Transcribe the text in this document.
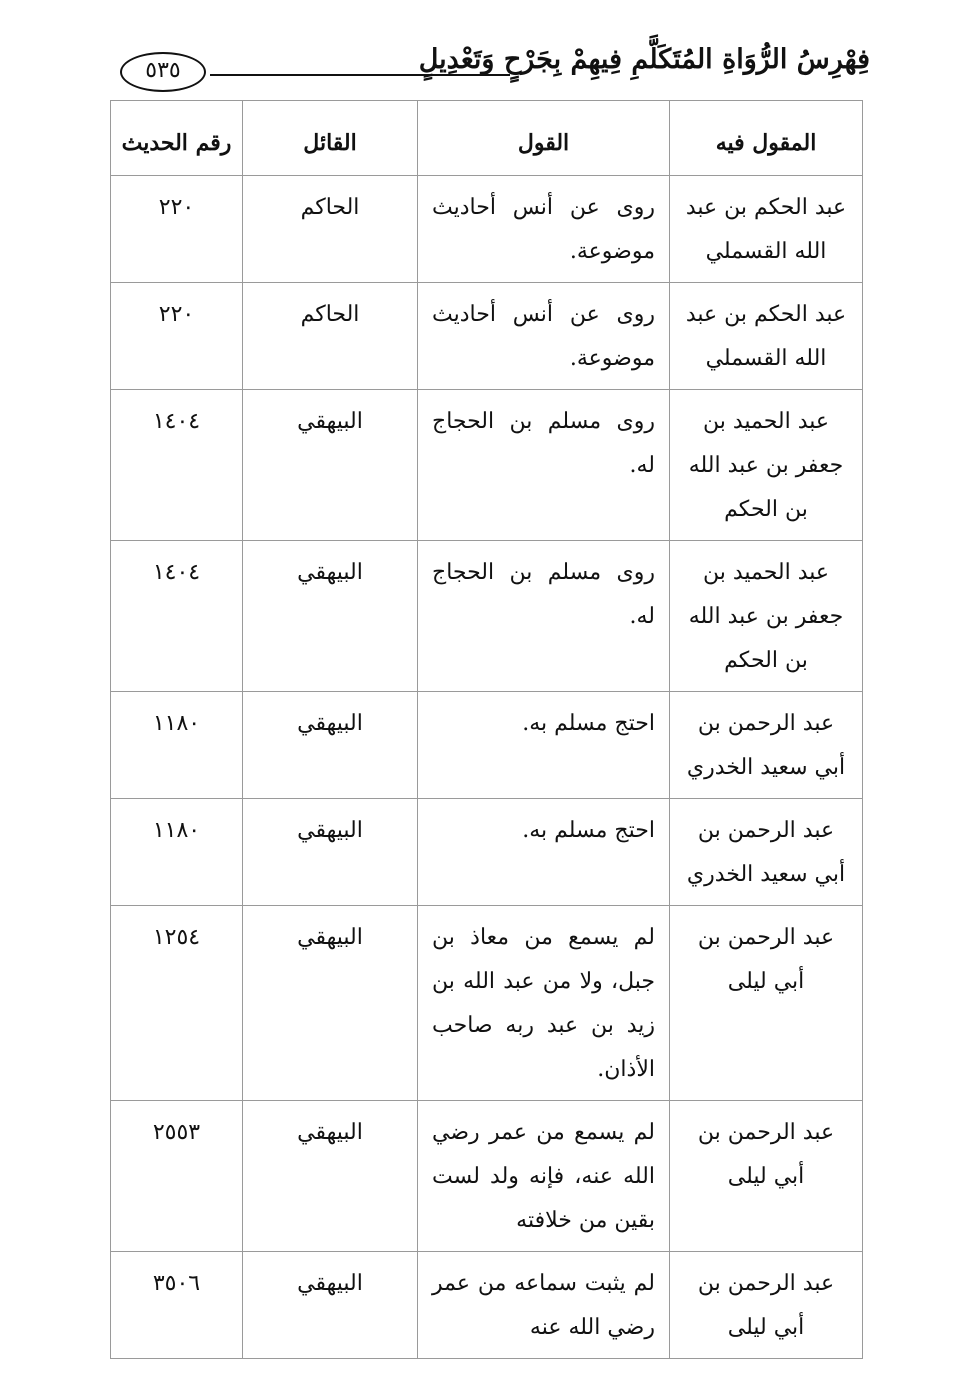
فِهْرِسُ الرُّوَاةِ المُتَكَلَّمِ فِيهِمْ بِجَرْحٍ وَتَعْدِيلٍ
٥٣٥
المقول فيه	القول	القائل	رقم الحديث
عبد الحكم بن عبد الله القسملي	روى عن أنس أحاديث موضوعة.	الحاكم	٢٢٠
عبد الحكم بن عبد الله القسملي	روى عن أنس أحاديث موضوعة.	الحاكم	٢٢٠
عبد الحميد بن جعفر بن عبد الله بن الحكم	روى مسلم بن الحجاج له.	البيهقي	١٤٠٤
عبد الحميد بن جعفر بن عبد الله بن الحكم	روى مسلم بن الحجاج له.	البيهقي	١٤٠٤
عبد الرحمن بن أبي سعيد الخدري	احتج مسلم به.	البيهقي	١١٨٠
عبد الرحمن بن أبي سعيد الخدري	احتج مسلم به.	البيهقي	١١٨٠
عبد الرحمن بن أبي ليلى	لم يسمع من معاذ بن جبل، ولا من عبد الله بن زيد بن عبد ربه صاحب الأذان.	البيهقي	١٢٥٤
عبد الرحمن بن أبي ليلى	لم يسمع من عمر رضي الله عنه، فإنه ولد لست بقين من خلافته	البيهقي	٢٥٥٣
عبد الرحمن بن أبي ليلى	لم يثبت سماعه من عمر رضي الله عنه	البيهقي	٣٥٠٦
